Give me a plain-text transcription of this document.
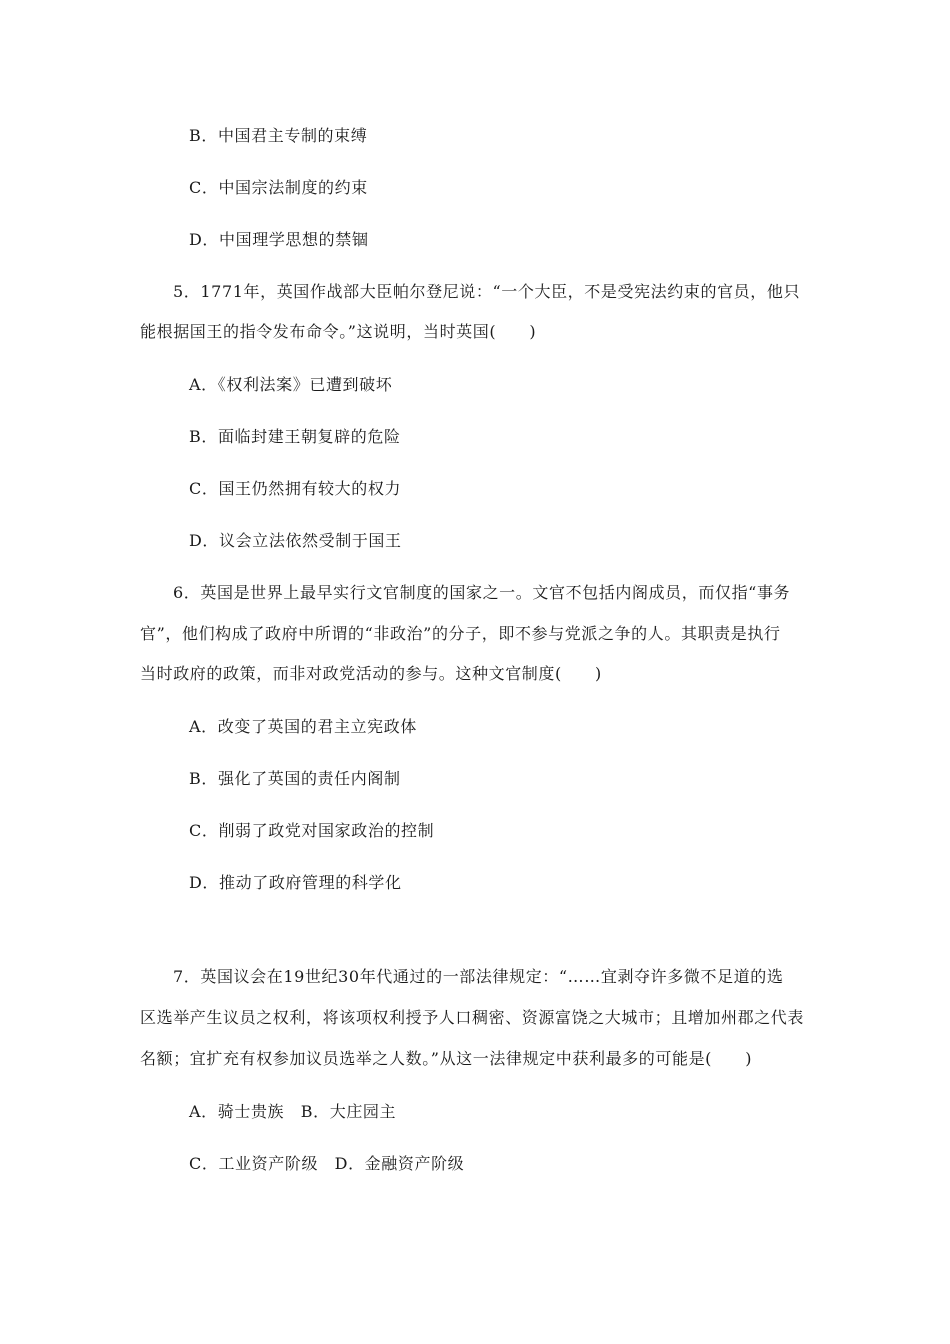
B．中国君主专制的束缚
C．中国宗法制度的约束
D．中国理学思想的禁锢
5．1771年，英国作战部大臣帕尔登尼说：“一个大臣，不是受宪法约束的官员，他只
能根据国王的指令发布命令。”这说明，当时英国(　　)
A．《权利法案》已遭到破坏
B．面临封建王朝复辟的危险
C．国王仍然拥有较大的权力
D．议会立法依然受制于国王
6．英国是世界上最早实行文官制度的国家之一。文官不包括内阁成员，而仅指“事务
官”，他们构成了政府中所谓的“非政治”的分子，即不参与党派之争的人。其职责是执行
当时政府的政策，而非对政党活动的参与。这种文官制度(　　)
A．改变了英国的君主立宪政体
B．强化了英国的责任内阁制
C．削弱了政党对国家政治的控制
D．推动了政府管理的科学化
7．英国议会在19世纪30年代通过的一部法律规定：“……宜剥夺许多微不足道的选
区选举产生议员之权利，将该项权利授予人口稠密、资源富饶之大城市；且增加州郡之代表
名额；宜扩充有权参加议员选举之人数。”从这一法律规定中获利最多的可能是(　　)
A．骑士贵族　B．大庄园主
C．工业资产阶级　D．金融资产阶级
